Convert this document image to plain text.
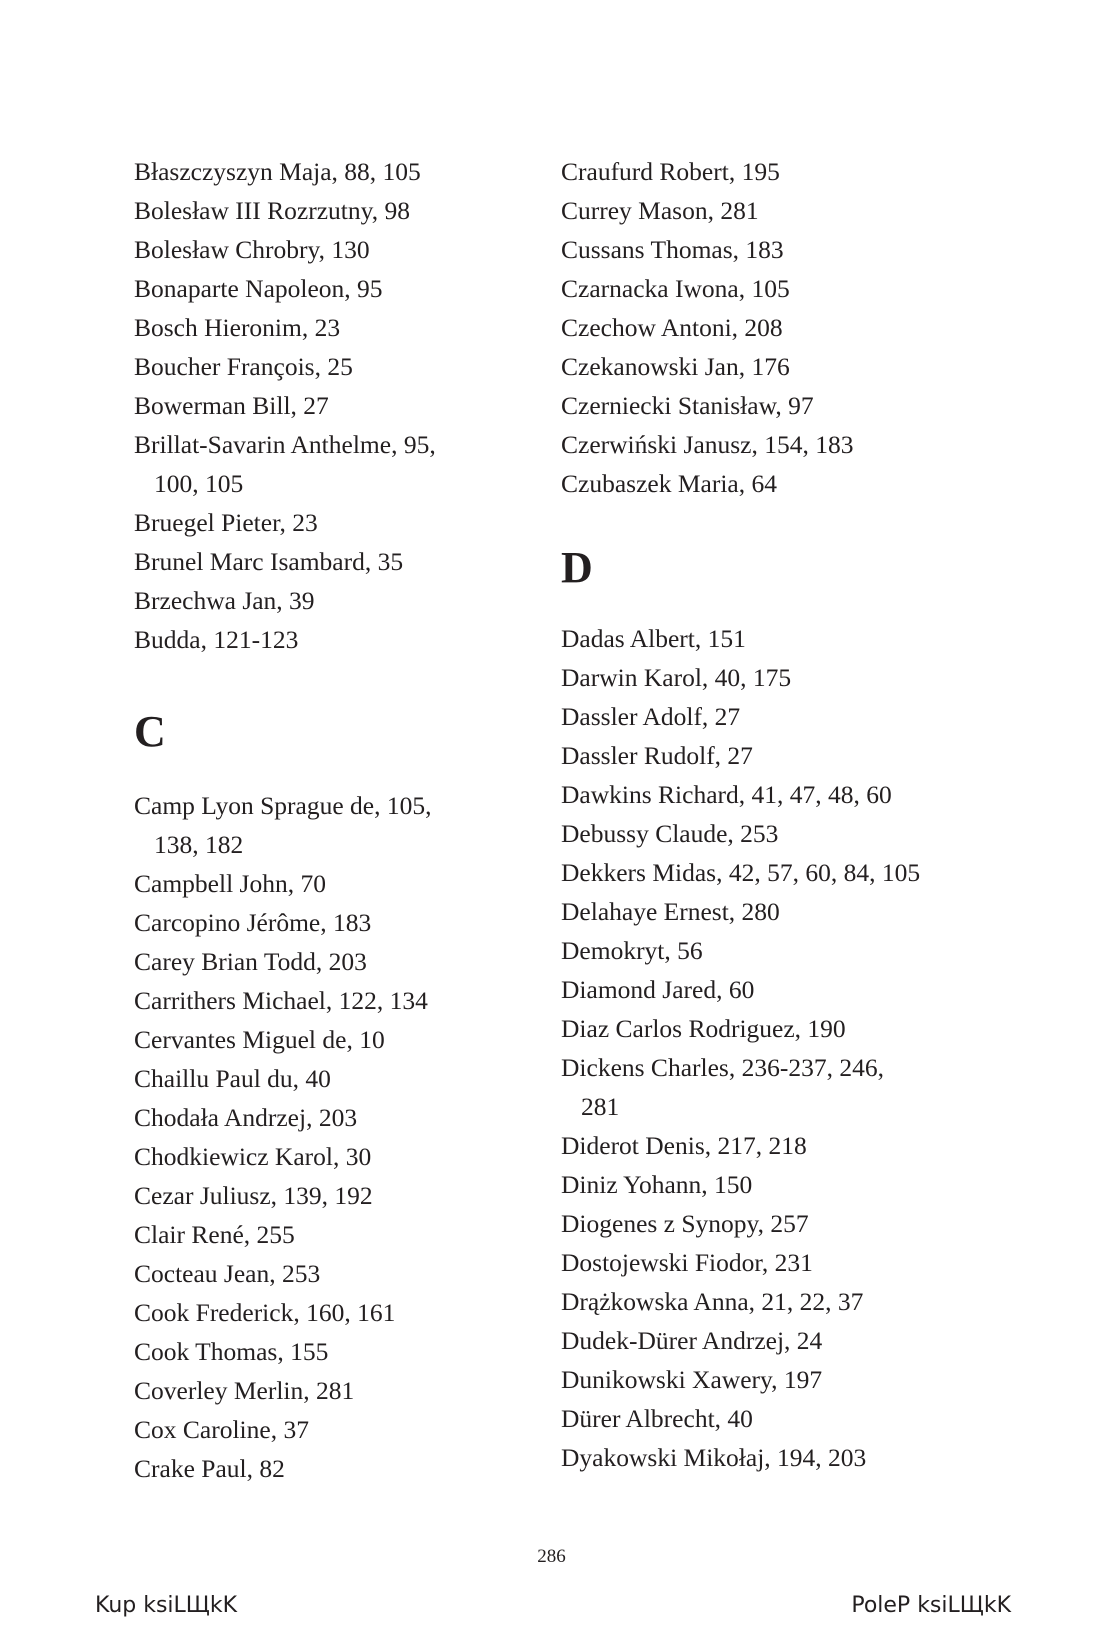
Błaszczyszyn Maja, 88, 105

Bolesław III Rozrzutny, 98

Bolesław Chrobry, 130

Bonaparte Napoleon, 95

Bosch Hieronim, 23

Boucher François, 25

Bowerman Bill, 27

Brillat-Savarin Anthelme, 95,

100, 105

Bruegel Pieter, 23

Brunel Marc Isambard, 35

Brzechwa Jan, 39

Budda, 121-123

C

Camp Lyon Sprague de, 105,

138, 182

Campbell John, 70

Carcopino Jérôme, 183

Carey Brian Todd, 203

Carrithers Michael, 122, 134

Cervantes Miguel de, 10

Chaillu Paul du, 40

Chodała Andrzej, 203

Chodkiewicz Karol, 30

Cezar Juliusz, 139, 192

Clair René, 255

Cocteau Jean, 253

Cook Frederick, 160, 161

Cook Thomas, 155

Coverley Merlin, 281

Cox Caroline, 37

Crake Paul, 82

Craufurd Robert, 195

Currey Mason, 281

Cussans Thomas, 183

Czarnacka Iwona, 105

Czechow Antoni, 208

Czekanowski Jan, 176

Czerniecki Stanisław, 97

Czerwiński Janusz, 154, 183

Czubaszek Maria, 64

D

Dadas Albert, 151

Darwin Karol, 40, 175

Dassler Adolf, 27

Dassler Rudolf, 27

Dawkins Richard, 41, 47, 48, 60

Debussy Claude, 253

Dekkers Midas, 42, 57, 60, 84, 105

Delahaye Ernest, 280

Demokryt, 56

Diamond Jared, 60

Diaz Carlos Rodriguez, 190

Dickens Charles, 236-237, 246,

281

Diderot Denis, 217, 218

Diniz Yohann, 150

Diogenes z Synopy, 257

Dostojewski Fiodor, 231

Drążkowska Anna, 21, 22, 37

Dudek-Dürer Andrzej, 24

Dunikowski Xawery, 197

Dürer Albrecht, 40

Dyakowski Mikołaj, 194, 203

286
Kup ksiLЩkK	PoleP ksiLЩkK
